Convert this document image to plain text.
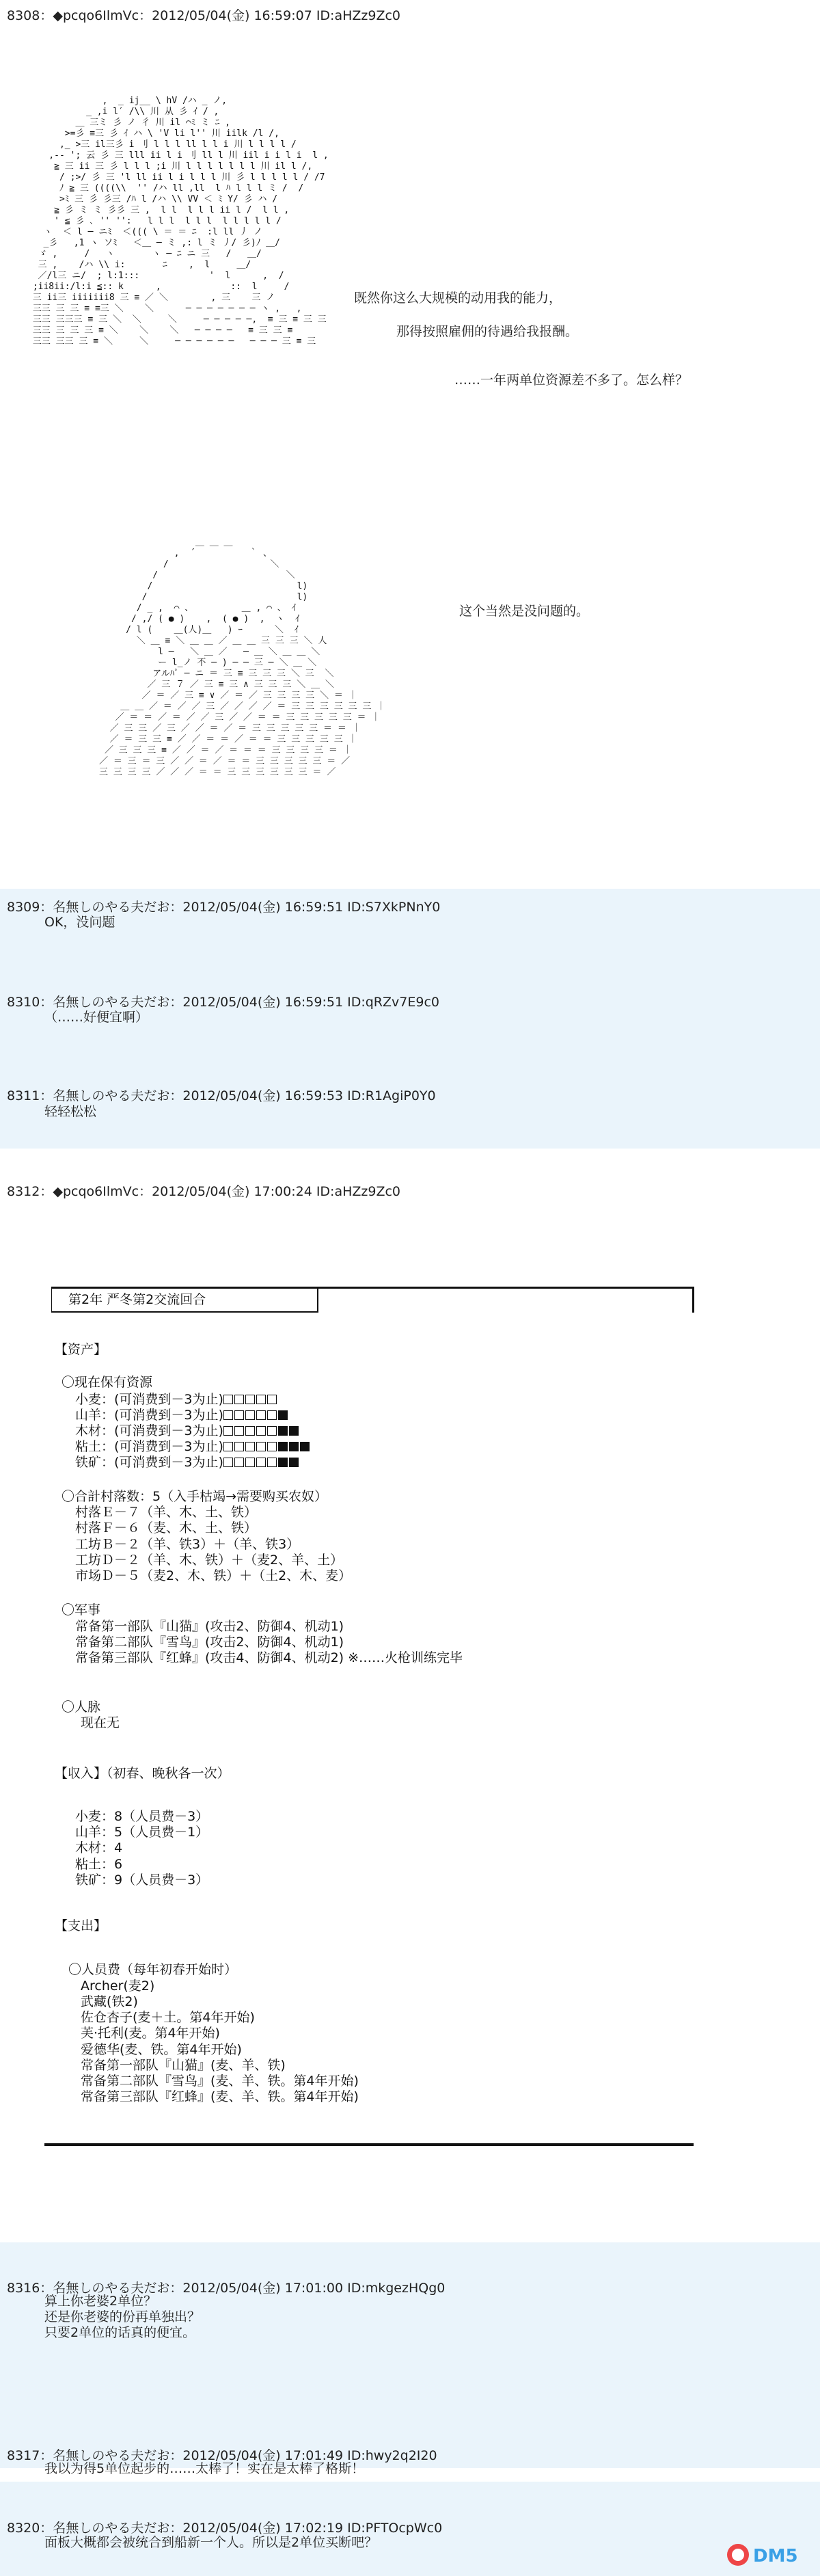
8308：◆pcqo6IlmVc：2012/05/04(金) 16:59:07 ID:aHZz9Zc0
,  _ ij__ \ hV /ハ _ ノ,
_ ,i l′ /\\ 川 从 彡 ｲ / ,
＿ 三ミ 彡 ノ 彳 川 il ⌒ﾐ ミ ﾆ ,
>=彡 ≡三 彡 ｲ ハ \ 'V li l'' 川 iilk /l /,
,_ >三 il三彡 i 刂 l l l ll l l i 川 l l l l /
,-- '; 云 彡 三 lll ii l i 刂 ll l 川 iil i i l i  l ,
≧ 三 ii 三 彡 l l l ;i 川 l l l l l l l 川 il l /,
/ ;>/ 彡 三 'l ll ii l i l l l 川 彡 l l l l l / /7
ﾉ ≧ 三 ((((\\  '' /ハ ll ,ll  l ﾊ l l l ミ /  /
>ﾐ 三 彡 彡三 /ﾊ l /ハ \\ VV ＜ ﾐ Y/ 彡 ハ /
≧ 彡 ミ ミ 彡彡 三 ,  l l  l l l ii l /  l l ,
' ≦ 彡 ､ '' '':   l l l  l l l  l l l l l /
ヽ  ＜ l ─ ニﾐ  ＜((( \ ＝ ＝ ﾆ  :l ll 丿 ノ
_彡   ,1 ヽ ソﾐ   ＜＿ ─ ミ ,: l ミ 丿/ 彡)ﾉ ＿/
ゞ ,     /   ヽ       ヽ ─ ﾆ ニ 三   /   ＿/
三 ,    /ハ \\ i:       ﾆ    ,  l     ＿/
／/l三 ニ/  ; l:1:::             '  l      ,  /
;ii8ii:/l:i ≦:: k      ,             ::  l     /
三 ii三 iiiiiii8 三 ≡ ／ ＼        , 三    三 ノ
三三 三 三 ≡ ≡三 ＼    ＼      ─ ─ ─ ─ ─ ─ ─ ヽ ,   ,
三三 三三三 ≡ 三 ＼  ＼     ＼     ─ ─ ─ ─ ─,  ≡ 三 ≡ 三 三
三三 三 三 三 ≡ ＼    ＼    ＼   ─ ─ ─ ─   ≡ 三 三 ≡
三三 三三 三 ≡ ＼     ＼     ─ ─ ─ ─ ─ ─   ─ ─ ─ 三 ≡ 三
既然你这么大规模的动用我的能力，
那得按照雇佣的待遇给我报酬。
……一年两单位资源差不多了。怎么样？
＿ ＿ ＿
,  ´          ｀ 、
/                   ＼
/                        ＼
/                           l)
/                            l)
/ _ ,  ⌒ 、         ＿ , ⌒ 、 ｲ
/ ,/ ( ● )    ,  ( ● )  ,  ヽ  ｲ
/ l (    ＿(人)＿   ) ｰ      ＼  ｲ
＼ ＿ ≡ ＼ ＿ ＿ ／ ＿ ＿ 三 三 三 ＼ 人
l ─   ＼ ＿ ／   ─ ＿ ＼ ＿ ＿ ＼
ー l_ノ 不 ─ ) ─ ─ 三 ─ ＼ ＿ ＼
アルﾊﾟ ─ ニ ＝ 三 ≡ 三 三 三 ＼ 三  ＼
／ 三 ７ ／ 三 ≡ 三 ∧ 三 三 三 ＼ ＿ ＼
／ ＝ ／ 三 ≡ ∨ ／ ＝ ／ 三 三 三 三 ＼ ＝ ｜
＿ ＿ ／ ＝ ／ ／ 三 ／ ／ ／ ／ ＝ 三 三 三 三 三 三 ｜
／ ＝ ＝ ／ ＝ ／ ／ 三 ／ ／ ＝ ＝ 三 三 三 三 三 ＝ ｜
／ 三 三 ／ 三 ／ ／ ＝ ／ ＝ 三 三 三 三 三 ＝ ＝ ｜
／ ＝ 三 三 ≡ ／ ／ ＝ ＝ ／ ＝ ＝ 三 三 三 三 三 ｜
／ 三 三 三 ≡ ／ ／ ＝ ／ ＝ ＝ ＝ 三 三 三 三 ＝ ｜
／ ＝ 三 ＝ 三 ／ ／ ＝ ／ ＝ ＝ 三 三 三 三 三 ＝ ／
三 三 三 三 ／ ／ ／ ＝ ＝ 三 三 三 三 三 三 ＝ ／
这个当然是没问题的。
8309：名無しのやる夫だお：2012/05/04(金) 16:59:51 ID:S7XkPNnY0
OK，没问题
8310：名無しのやる夫だお：2012/05/04(金) 16:59:51 ID:qRZv7E9c0
（……好便宜啊）
8311：名無しのやる夫だお：2012/05/04(金) 16:59:53 ID:R1AgiP0Y0
轻轻松松
8312：◆pcqo6IlmVc：2012/05/04(金) 17:00:24 ID:aHZz9Zc0
第2年 严冬第2交流回合
【资产】
〇现在保有资源
小麦：(可消费到－3为止)
山羊：(可消费到－3为止)
木材：(可消费到－3为止)
粘土：(可消费到－3为止)
铁矿：(可消费到－3为止)
〇合計村落数：5（入手枯竭→需要购买农奴）
村落Ｅ－７（羊、木、土、铁）
村落Ｆ－６（麦、木、土、铁）
工坊Ｂ－２（羊、铁3）＋（羊、铁3）
工坊Ｄ－２（羊、木、铁）＋（麦2、羊、土）
市场Ｄ－５（麦2、木、铁）＋（土2、木、麦）
〇军事
常备第一部队『山猫』(攻击2、防御4、机动1)
常备第二部队『雪鸟』(攻击2、防御4、机动1)
常备第三部队『红蜂』(攻击4、防御4、机动2) ※……火枪训练完毕
〇人脉
现在无
【収入】（初春、晚秋各一次）
小麦：8（人员费－3）
山羊：5（人员费－1）
木材：4
粘土：6
铁矿：9（人员费－3）
【支出】
〇人员费（每年初春开始时）
Archer(麦2)
武藏(铁2)
佐仓杏子(麦＋土。第4年开始)
芙·托利(麦。第4年开始)
爱德华(麦、铁。第4年开始)
常备第一部队『山猫』(麦、羊、铁)
常备第二部队『雪鸟』(麦、羊、铁。第4年开始)
常备第三部队『红蜂』(麦、羊、铁。第4年开始)
8316：名無しのやる夫だお：2012/05/04(金) 17:01:00 ID:mkgezHQg0
算上你老婆2单位？
还是你老婆的份再单独出？
只要2单位的话真的便宜。
8317：名無しのやる夫だお：2012/05/04(金) 17:01:49 ID:hwy2q2I20
我以为得5单位起步的……太棒了！实在是太棒了格斯！
8320：名無しのやる夫だお：2012/05/04(金) 17:02:19 ID:PFTOcpWc0
面板大概都会被统合到船新一个人。所以是2单位买断吧？
DM5
